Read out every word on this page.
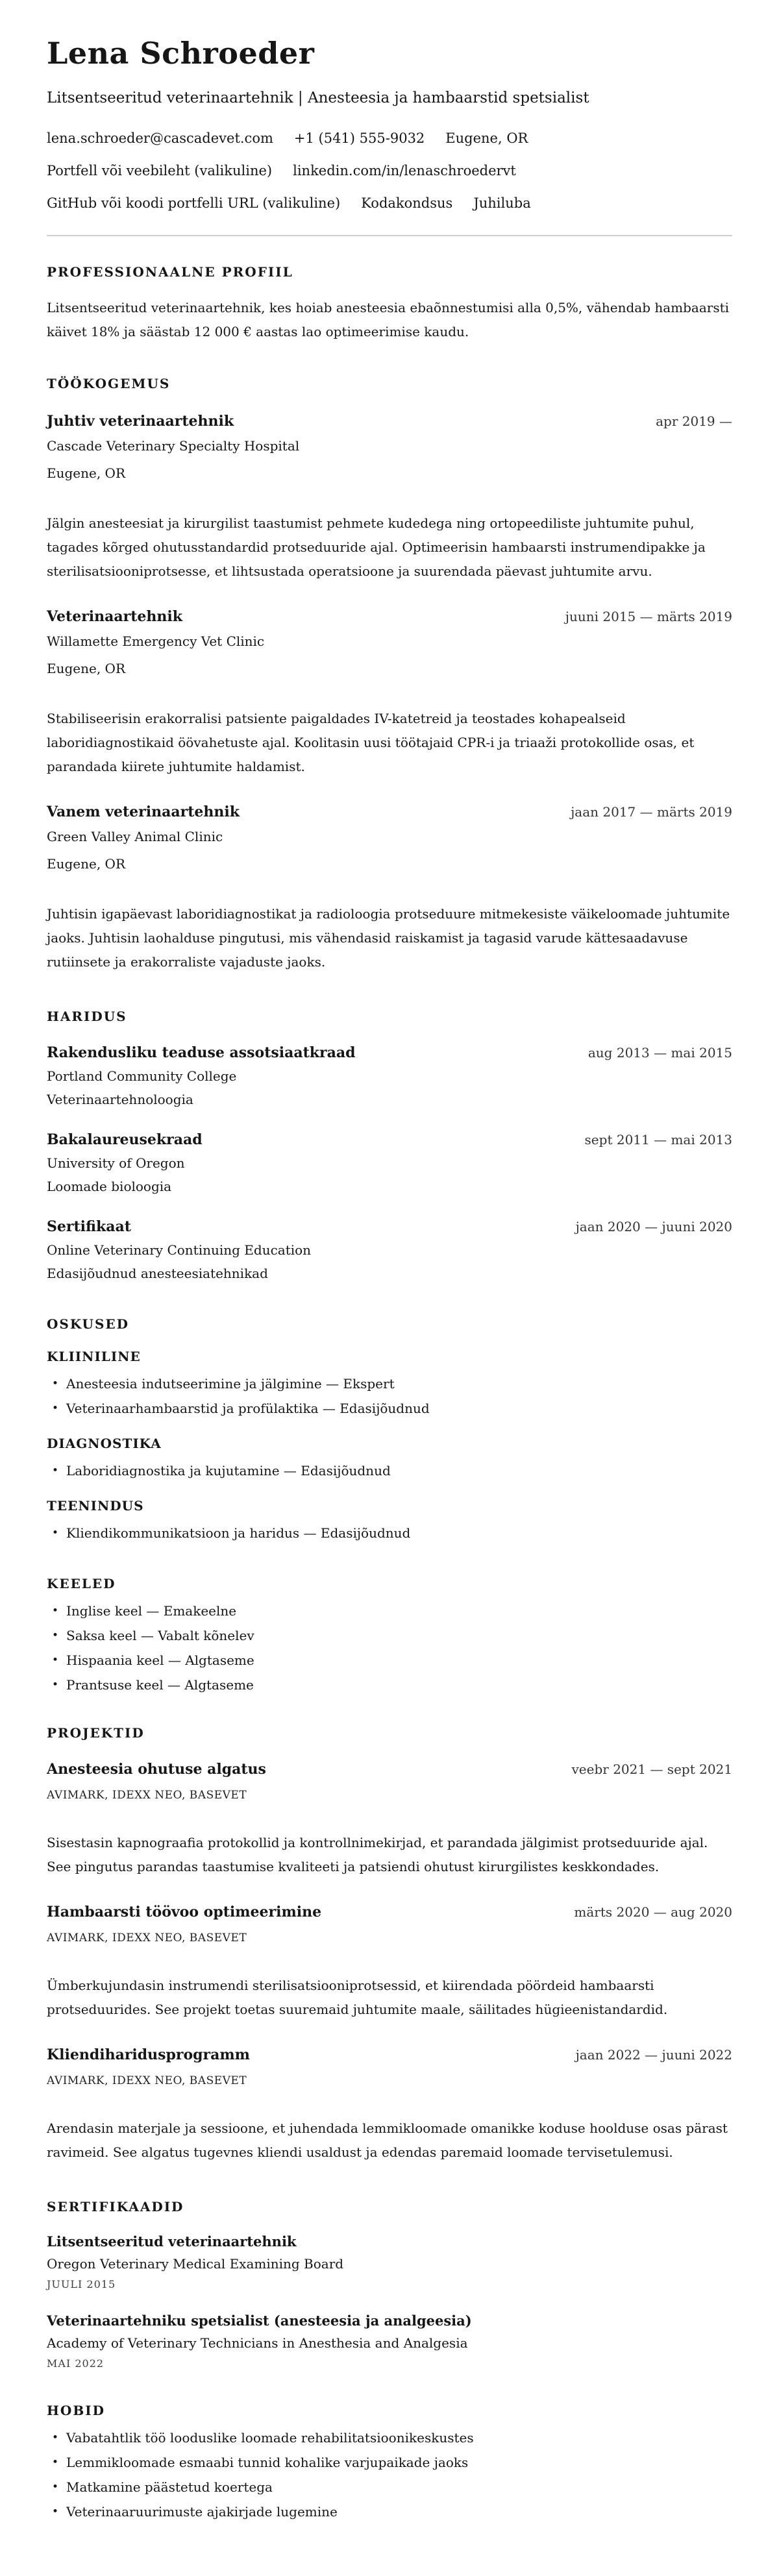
Lena Schroeder
Litsentseeritud veterinaartehnik | Anesteesia ja hambaarstid spetsialist
lena.schroeder@cascadevet.com +1 (541) 555-9032 Eugene, OR
Portfell või veebileht (valikuline) linkedin.com/in/lenaschroedervt
GitHub või koodi portfelli URL (valikuline) Kodakondsus Juhiluba
PROFESSIONAALNE PROFIIL

Litsentseeritud veterinaartehnik, kes hoiab anesteesia ebaõnnestumisi alla 0,5%, vähendab hambaarsti käivet 18% ja säästab 12 000 € aastas lao optimeerimise kaudu.

TÖÖKOGEMUS
Juhtiv veterinaartehnik	apr 2019 —
Cascade Veterinary Specialty Hospital
Eugene, OR

Jälgin anesteesiat ja kirurgilist taastumist pehmete kudedega ning ortopeediliste juhtumite puhul, tagades kõrged ohutusstandardid protseduuride ajal. Optimeerisin hambaarsti instrumendipakke ja sterilisatsiooniprotsesse, et lihtsustada operatsioone ja suurendada päevast juhtumite arvu.

Veterinaartehnik	juuni 2015 — märts 2019
Willamette Emergency Vet Clinic
Eugene, OR

Stabiliseerisin erakorralisi patsiente paigaldades IV-katetreid ja teostades kohapealseid laboridiagnostikaid öövahetuste ajal. Koolitasin uusi töötajaid CPR-i ja triaaži protokollide osas, et parandada kiirete juhtumite haldamist.

Vanem veterinaartehnik	jaan 2017 — märts 2019
Green Valley Animal Clinic
Eugene, OR

Juhtisin igapäevast laboridiagnostikat ja radioloogia protseduure mitmekesiste väikeloomade juhtumite jaoks. Juhtisin laohalduse pingutusi, mis vähendasid raiskamist ja tagasid varude kättesaadavuse rutiinsete ja erakorraliste vajaduste jaoks.

HARIDUS
Rakendusliku teaduse assotsiaatkraad	aug 2013 — mai 2015
Portland Community College
Veterinaartehnoloogia
Bakalaureusekraad	sept 2011 — mai 2013
University of Oregon
Loomade bioloogia
Sertifikaat	jaan 2020 — juuni 2020
Online Veterinary Continuing Education
Edasijõudnud anesteesiatehnikad
OSKUSED
KLIINILINE
• Anesteesia indutseerimine ja jälgimine — Ekspert
• Veterinaarhambaarstid ja profülaktika — Edasijõudnud
DIAGNOSTIKA
• Laboridiagnostika ja kujutamine — Edasijõudnud
TEENINDUS
• Kliendikommunikatsioon ja haridus — Edasijõudnud
KEELED
• Inglise keel — Emakeelne
• Saksa keel — Vabalt kõnelev
• Hispaania keel — Algtaseme
• Prantsuse keel — Algtaseme
PROJEKTID
Anesteesia ohutuse algatus	veebr 2021 — sept 2021
AVIMARK, IDEXX NEO, BASEVET

Sisestasin kapnograafia protokollid ja kontrollnimekirjad, et parandada jälgimist protseduuride ajal. See pingutus parandas taastumise kvaliteeti ja patsiendi ohutust kirurgilistes keskkondades.

Hambaarsti töövoo optimeerimine	märts 2020 — aug 2020
AVIMARK, IDEXX NEO, BASEVET

Ümberkujundasin instrumendi sterilisatsiooniprotsessid, et kiirendada pöördeid hambaarsti protseduurides. See projekt toetas suuremaid juhtumite maale, säilitades hügieenistandardid.

Kliendiharidusprogramm	jaan 2022 — juuni 2022
AVIMARK, IDEXX NEO, BASEVET

Arendasin materjale ja sessioone, et juhendada lemmikloomade omanikke koduse hoolduse osas pärast ravimeid. See algatus tugevnes kliendi usaldust ja edendas paremaid loomade tervisetulemusi.

SERTIFIKAADID
Litsentseeritud veterinaartehnik
Oregon Veterinary Medical Examining Board
JUULI 2015
Veterinaartehniku spetsialist (anesteesia ja analgeesia)
Academy of Veterinary Technicians in Anesthesia and Analgesia
MAI 2022
HOBID
• Vabatahtlik töö looduslike loomade rehabilitatsioonikeskustes
• Lemmikloomade esmaabi tunnid kohalike varjupaikade jaoks
• Matkamine päästetud koertega
• Veterinaaruurimuste ajakirjade lugemine
